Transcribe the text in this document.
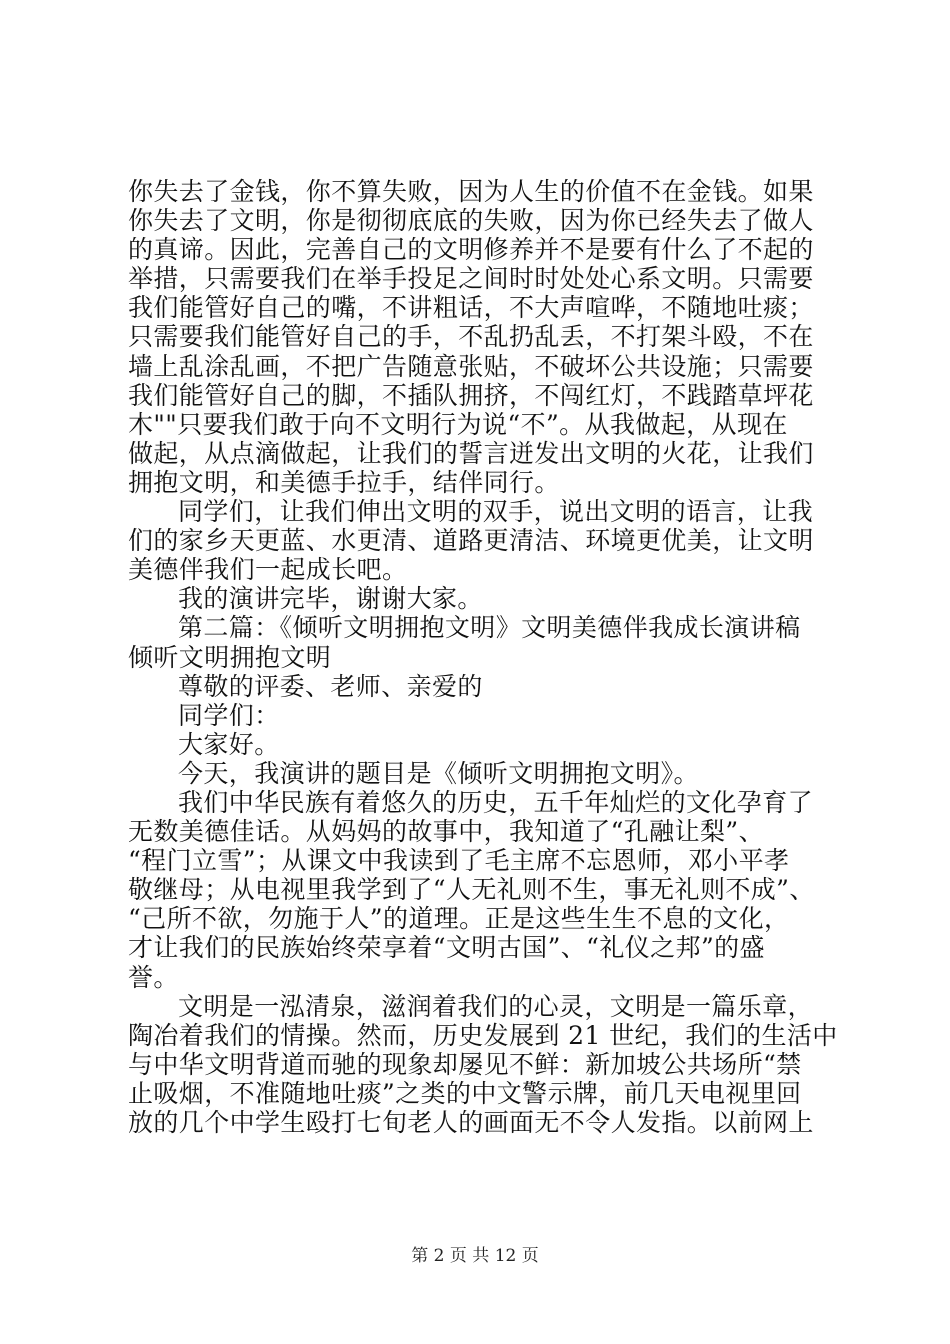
你失去了金钱，你不算失败，因为人生的价值不在金钱。如果
你失去了文明，你是彻彻底底的失败，因为你已经失去了做人
的真谛。因此，完善自己的文明修养并不是要有什么了不起的
举措，只需要我们在举手投足之间时时处处心系文明。只需要
我们能管好自己的嘴，不讲粗话，不大声喧哗，不随地吐痰；
只需要我们能管好自己的手，不乱扔乱丢，不打架斗殴，不在
墙上乱涂乱画，不把广告随意张贴，不破坏公共设施；只需要
我们能管好自己的脚，不插队拥挤，不闯红灯，不践踏草坪花
木""只要我们敢于向不文明行为说“不”。从我做起，从现在
做起，从点滴做起，让我们的誓言迸发出文明的火花，让我们
拥抱文明，和美德手拉手，结伴同行。
同学们，让我们伸出文明的双手，说出文明的语言，让我
们的家乡天更蓝、水更清、道路更清洁、环境更优美，让文明
美德伴我们一起成长吧。
我的演讲完毕，谢谢大家。
第二篇：《倾听文明拥抱文明》文明美德伴我成长演讲稿
倾听文明拥抱文明
尊敬的评委、老师、亲爱的
同学们：
大家好。
今天，我演讲的题目是《倾听文明拥抱文明》。
我们中华民族有着悠久的历史，五千年灿烂的文化孕育了
无数美德佳话。从妈妈的故事中，我知道了“孔融让梨”、
“程门立雪”；从课文中我读到了毛主席不忘恩师，邓小平孝
敬继母；从电视里我学到了“人无礼则不生，事无礼则不成”、
“己所不欲，勿施于人”的道理。正是这些生生不息的文化，
才让我们的民族始终荣享着“文明古国”、“礼仪之邦”的盛
誉。
文明是一泓清泉，滋润着我们的心灵，文明是一篇乐章，
陶冶着我们的情操。然而，历史发展到 21 世纪，我们的生活中
与中华文明背道而驰的现象却屡见不鲜：新加坡公共场所“禁
止吸烟，不准随地吐痰”之类的中文警示牌，前几天电视里回
放的几个中学生殴打七旬老人的画面无不令人发指。以前网上
第 2 页 共 12 页
